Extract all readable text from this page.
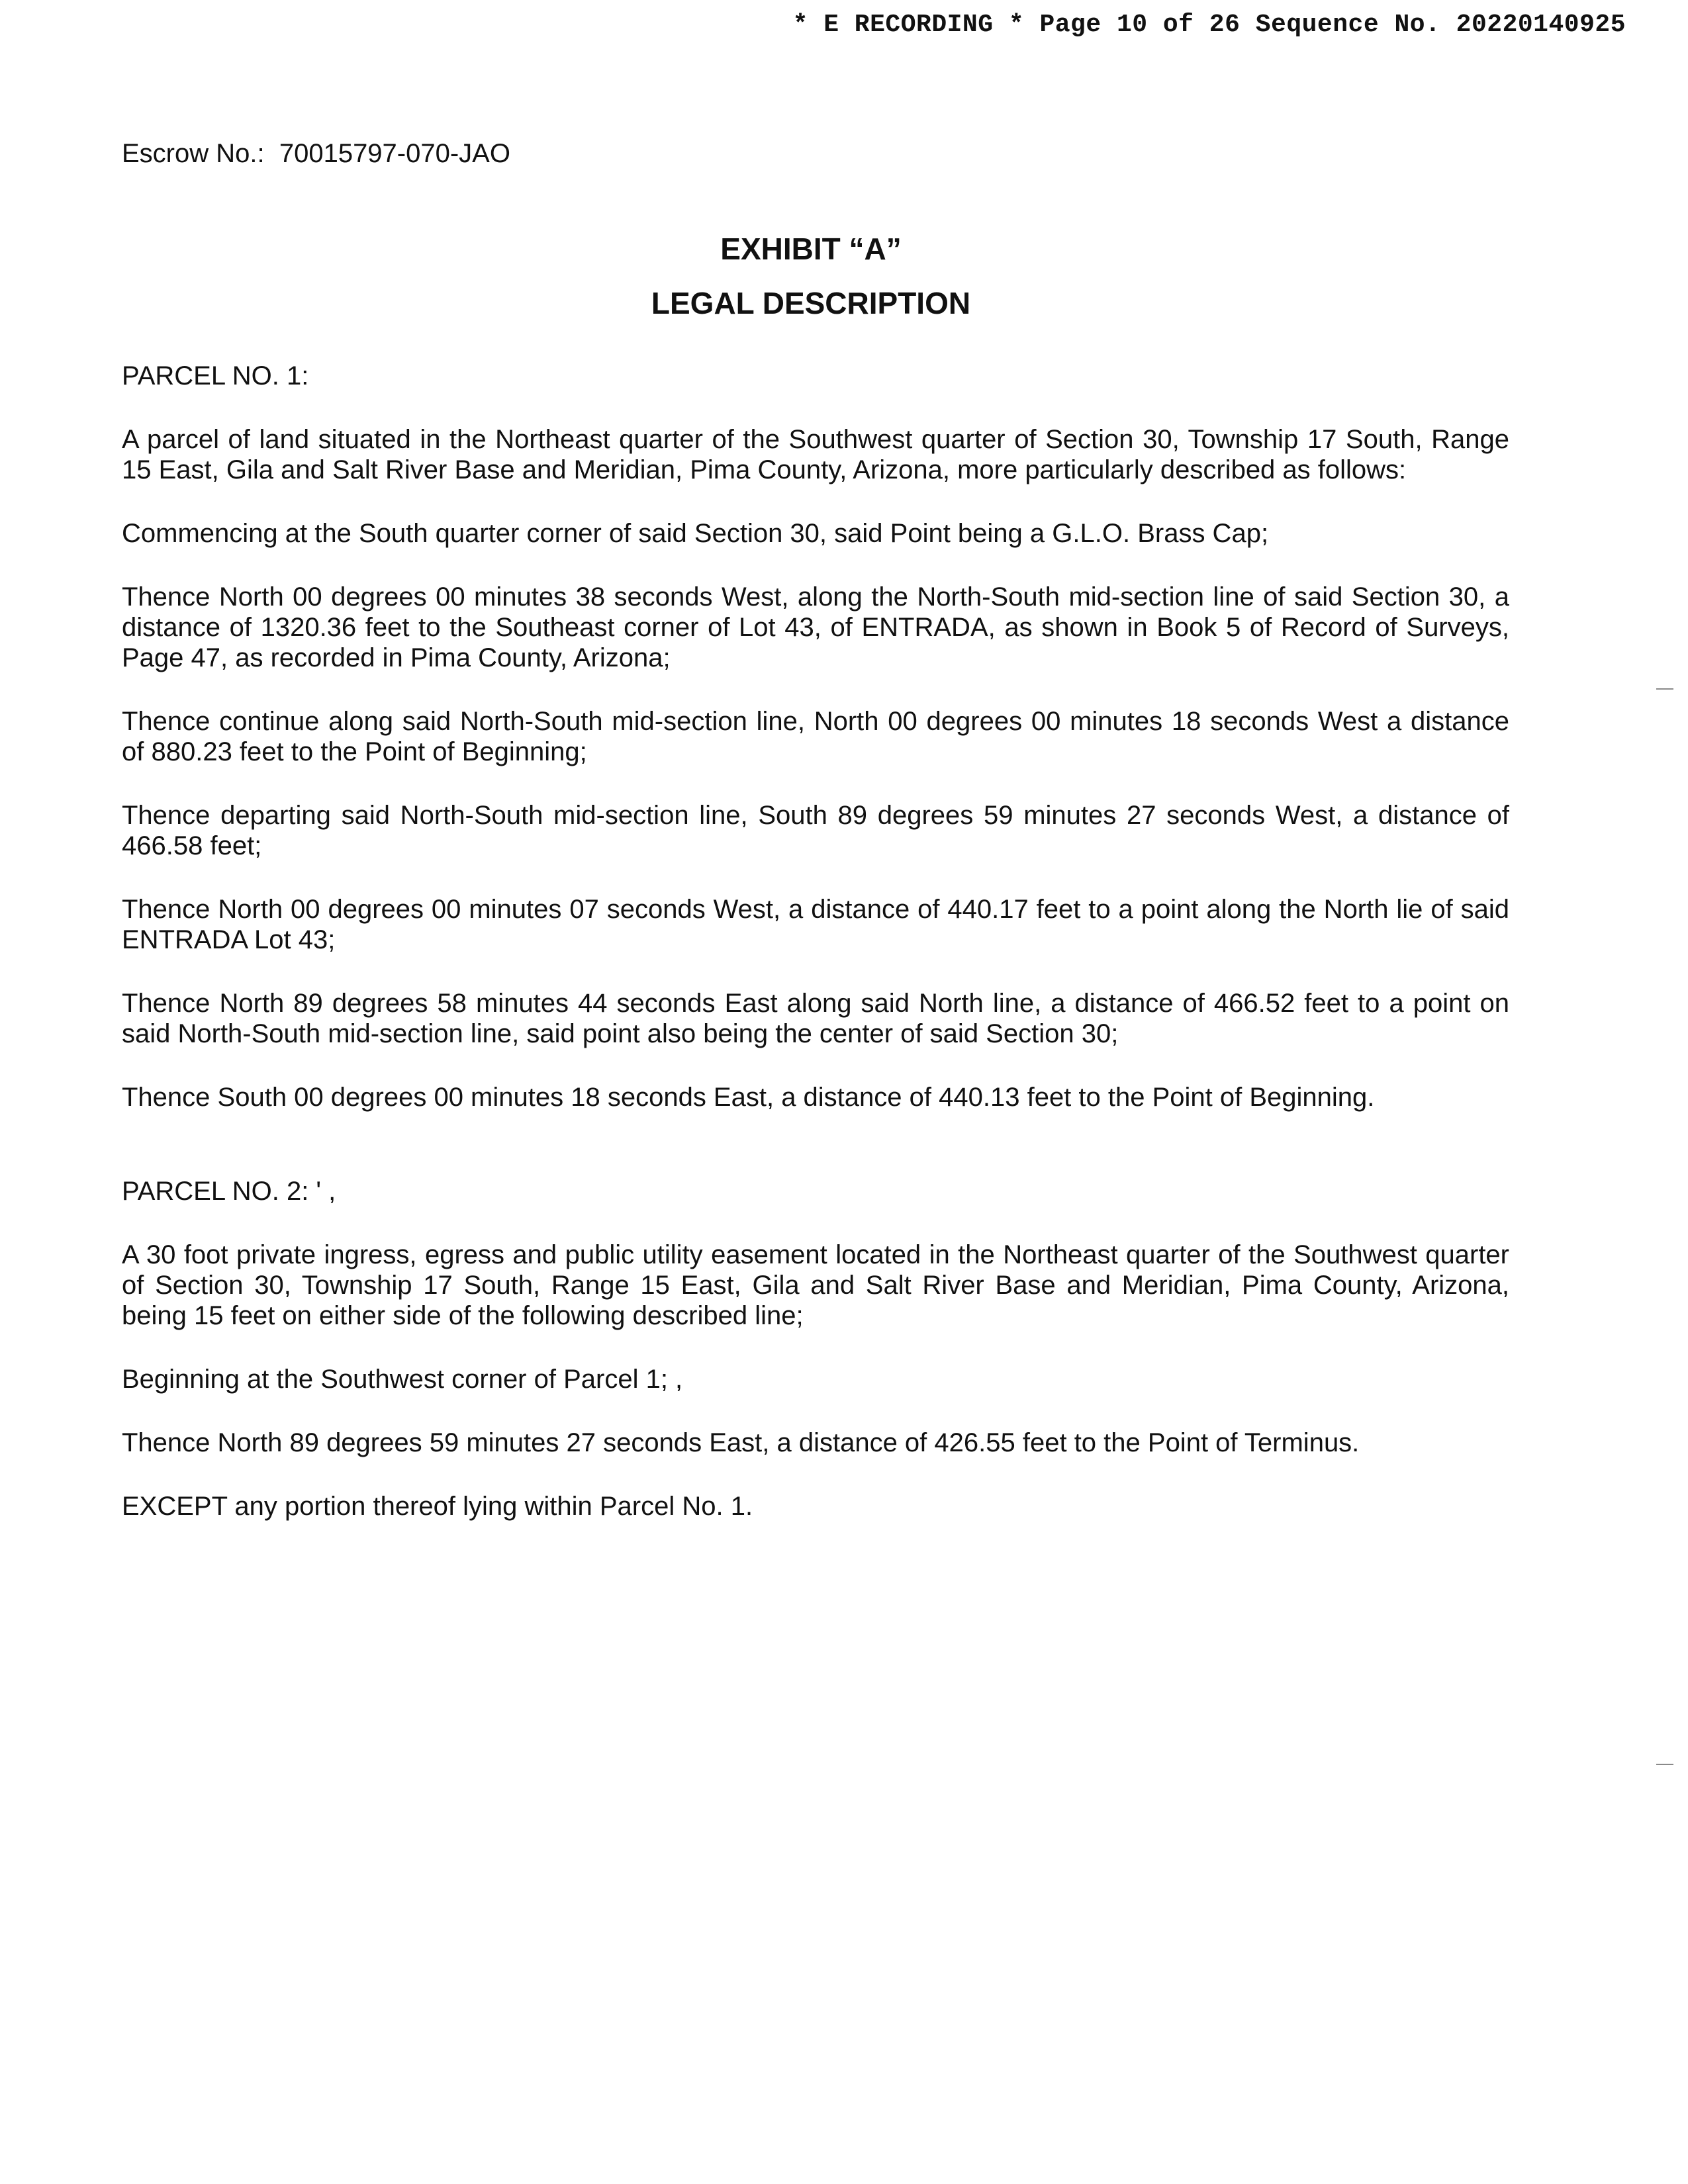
* E RECORDING * Page 10 of 26 Sequence No. 20220140925
Escrow No.:  70015797-070-JAO
EXHIBIT “A”
LEGAL DESCRIPTION
PARCEL NO. 1:

A parcel of land situated in the Northeast quarter of the Southwest quarter of Section 30, Township 17 South, Range 15 East, Gila and Salt River Base and Meridian, Pima County, Arizona, more particularly described as follows:

Commencing at the South quarter corner of said Section 30, said Point being a G.L.O. Brass Cap;

Thence North 00 degrees 00 minutes 38 seconds West, along the North-South mid-section line of said Section 30, a distance of 1320.36 feet to the Southeast corner of Lot 43, of ENTRADA, as shown in Book 5 of Record of Surveys, Page 47, as recorded in Pima County, Arizona;

Thence continue along said North-South mid-section line, North 00 degrees 00 minutes 18 seconds West a distance of 880.23 feet to the Point of Beginning;

Thence departing said North-South mid-section line, South 89 degrees 59 minutes 27 seconds West, a distance of 466.58 feet;

Thence North 00 degrees 00 minutes 07 seconds West, a distance of 440.17 feet to a point along the North lie of said ENTRADA Lot 43;

Thence North 89 degrees 58 minutes 44 seconds East along said North line, a distance of 466.52 feet to a point on said North-South mid-section line, said point also being the center of said Section 30;

Thence South 00 degrees 00 minutes 18 seconds East, a distance of 440.13 feet to the Point of Beginning.

PARCEL NO. 2: ' ,

A 30 foot private ingress, egress and public utility easement located in the Northeast quarter of the Southwest quarter of Section 30, Township 17 South, Range 15 East, Gila and Salt River Base and Meridian, Pima County, Arizona, being 15 feet on either side of the following described line;

Beginning at the Southwest corner of Parcel 1; ,

Thence North 89 degrees 59 minutes 27 seconds East, a distance of 426.55 feet to the Point of Terminus.

EXCEPT any portion thereof lying within Parcel No. 1.
